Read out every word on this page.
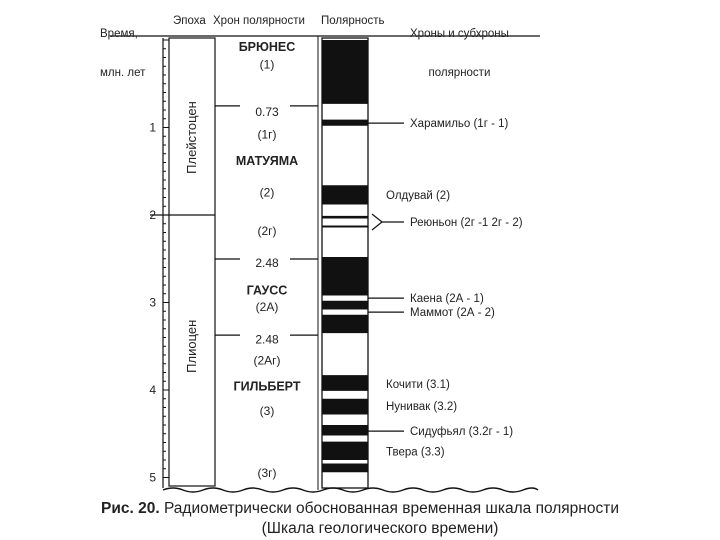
1
2
3
4
5
Плейстоцен
Плиоцен
БРЮНЕС
(1)
0.73
(1г)
МАТУЯМА
(2)
(2г)
2.48
ГАУСС
(2А)
2.48
(2Аг)
ГИЛЬБЕРТ
(3)
(3г)
Харамильо (1г - 1)
Олдувай (2)
Реюньон (2г -1 2г - 2)
Каена (2А - 1)
Маммот (2А - 2)
Кочити (3.1)
Нунивак (3.2)
Сидуфьял (3.2г - 1)
Твера (3.3)

Время,

млн. лет

Эпоха Хрон полярности Полярность

Хроны и субхроны

полярности

Рис. 20. Радиометрически обоснованная временная шкала полярности
(Шкала геологического времени)
